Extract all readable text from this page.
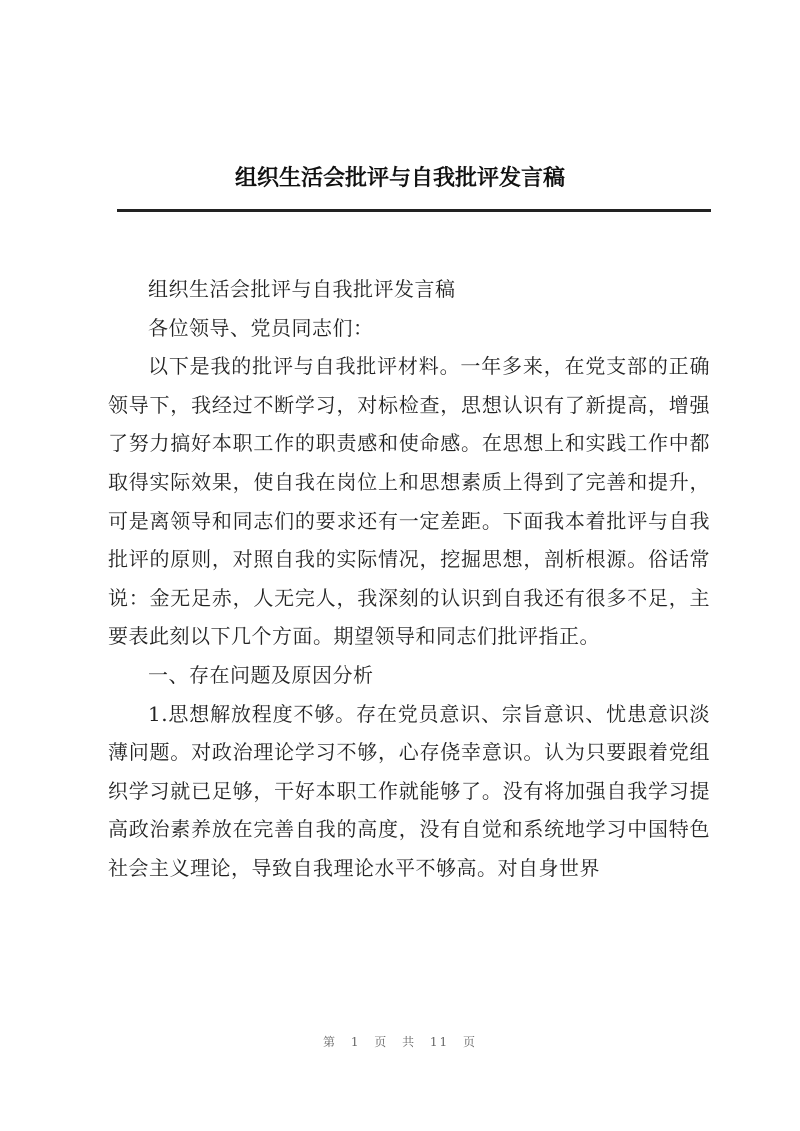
组织生活会批评与自我批评发言稿

组织生活会批评与自我批评发言稿

各位领导、党员同志们：

以下是我的批评与自我批评材料。一年多来，在党支部的正确领导下，我经过不断学习，对标检查，思想认识有了新提高，增强了努力搞好本职工作的职责感和使命感。在思想上和实践工作中都取得实际效果，使自我在岗位上和思想素质上得到了完善和提升，可是离领导和同志们的要求还有一定差距。下面我本着批评与自我批评的原则，对照自我的实际情况，挖掘思想，剖析根源。俗话常说：金无足赤，人无完人，我深刻的认识到自我还有很多不足，主要表此刻以下几个方面。期望领导和同志们批评指正。

一、存在问题及原因分析

1.思想解放程度不够。存在党员意识、宗旨意识、忧患意识淡薄问题。对政治理论学习不够，心存侥幸意识。认为只要跟着党组织学习就已足够，干好本职工作就能够了。没有将加强自我学习提高政治素养放在完善自我的高度，没有自觉和系统地学习中国特色社会主义理论，导致自我理论水平不够高。对自身世界

第 1 页 共 11 页
